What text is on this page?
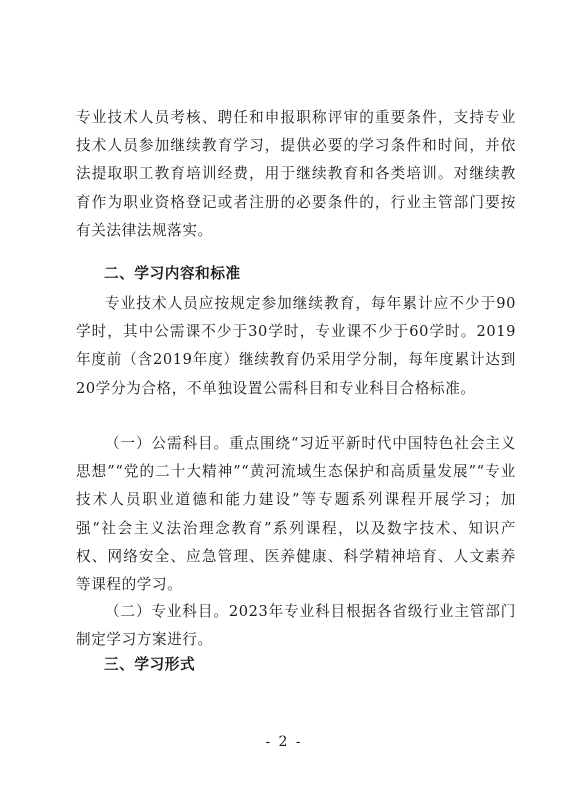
专业技术人员考核、聘任和申报职称评审的重要条件，支持专业技术人员参加继续教育学习，提供必要的学习条件和时间，并依法提取职工教育培训经费，用于继续教育和各类培训。对继续教育作为职业资格登记或者注册的必要条件的，行业主管部门要按有关法律法规落实。

二、学习内容和标准

专业技术人员应按规定参加继续教育，每年累计应不少于90学时，其中公需课不少于30学时，专业课不少于60学时。2019年度前（含2019年度）继续教育仍采用学分制，每年度累计达到20学分为合格，不单独设置公需科目和专业科目合格标准。

（一）公需科目。重点围绕“习近平新时代中国特色社会主义思想”“党的二十大精神”“黄河流域生态保护和高质量发展”“专业技术人员职业道德和能力建设”等专题系列课程开展学习；加强“社会主义法治理念教育”系列课程，以及数字技术、知识产权、网络安全、应急管理、医养健康、科学精神培育、人文素养等课程的学习。

（二）专业科目。2023年专业科目根据各省级行业主管部门制定学习方案进行。

三、学习形式

- 2 -
